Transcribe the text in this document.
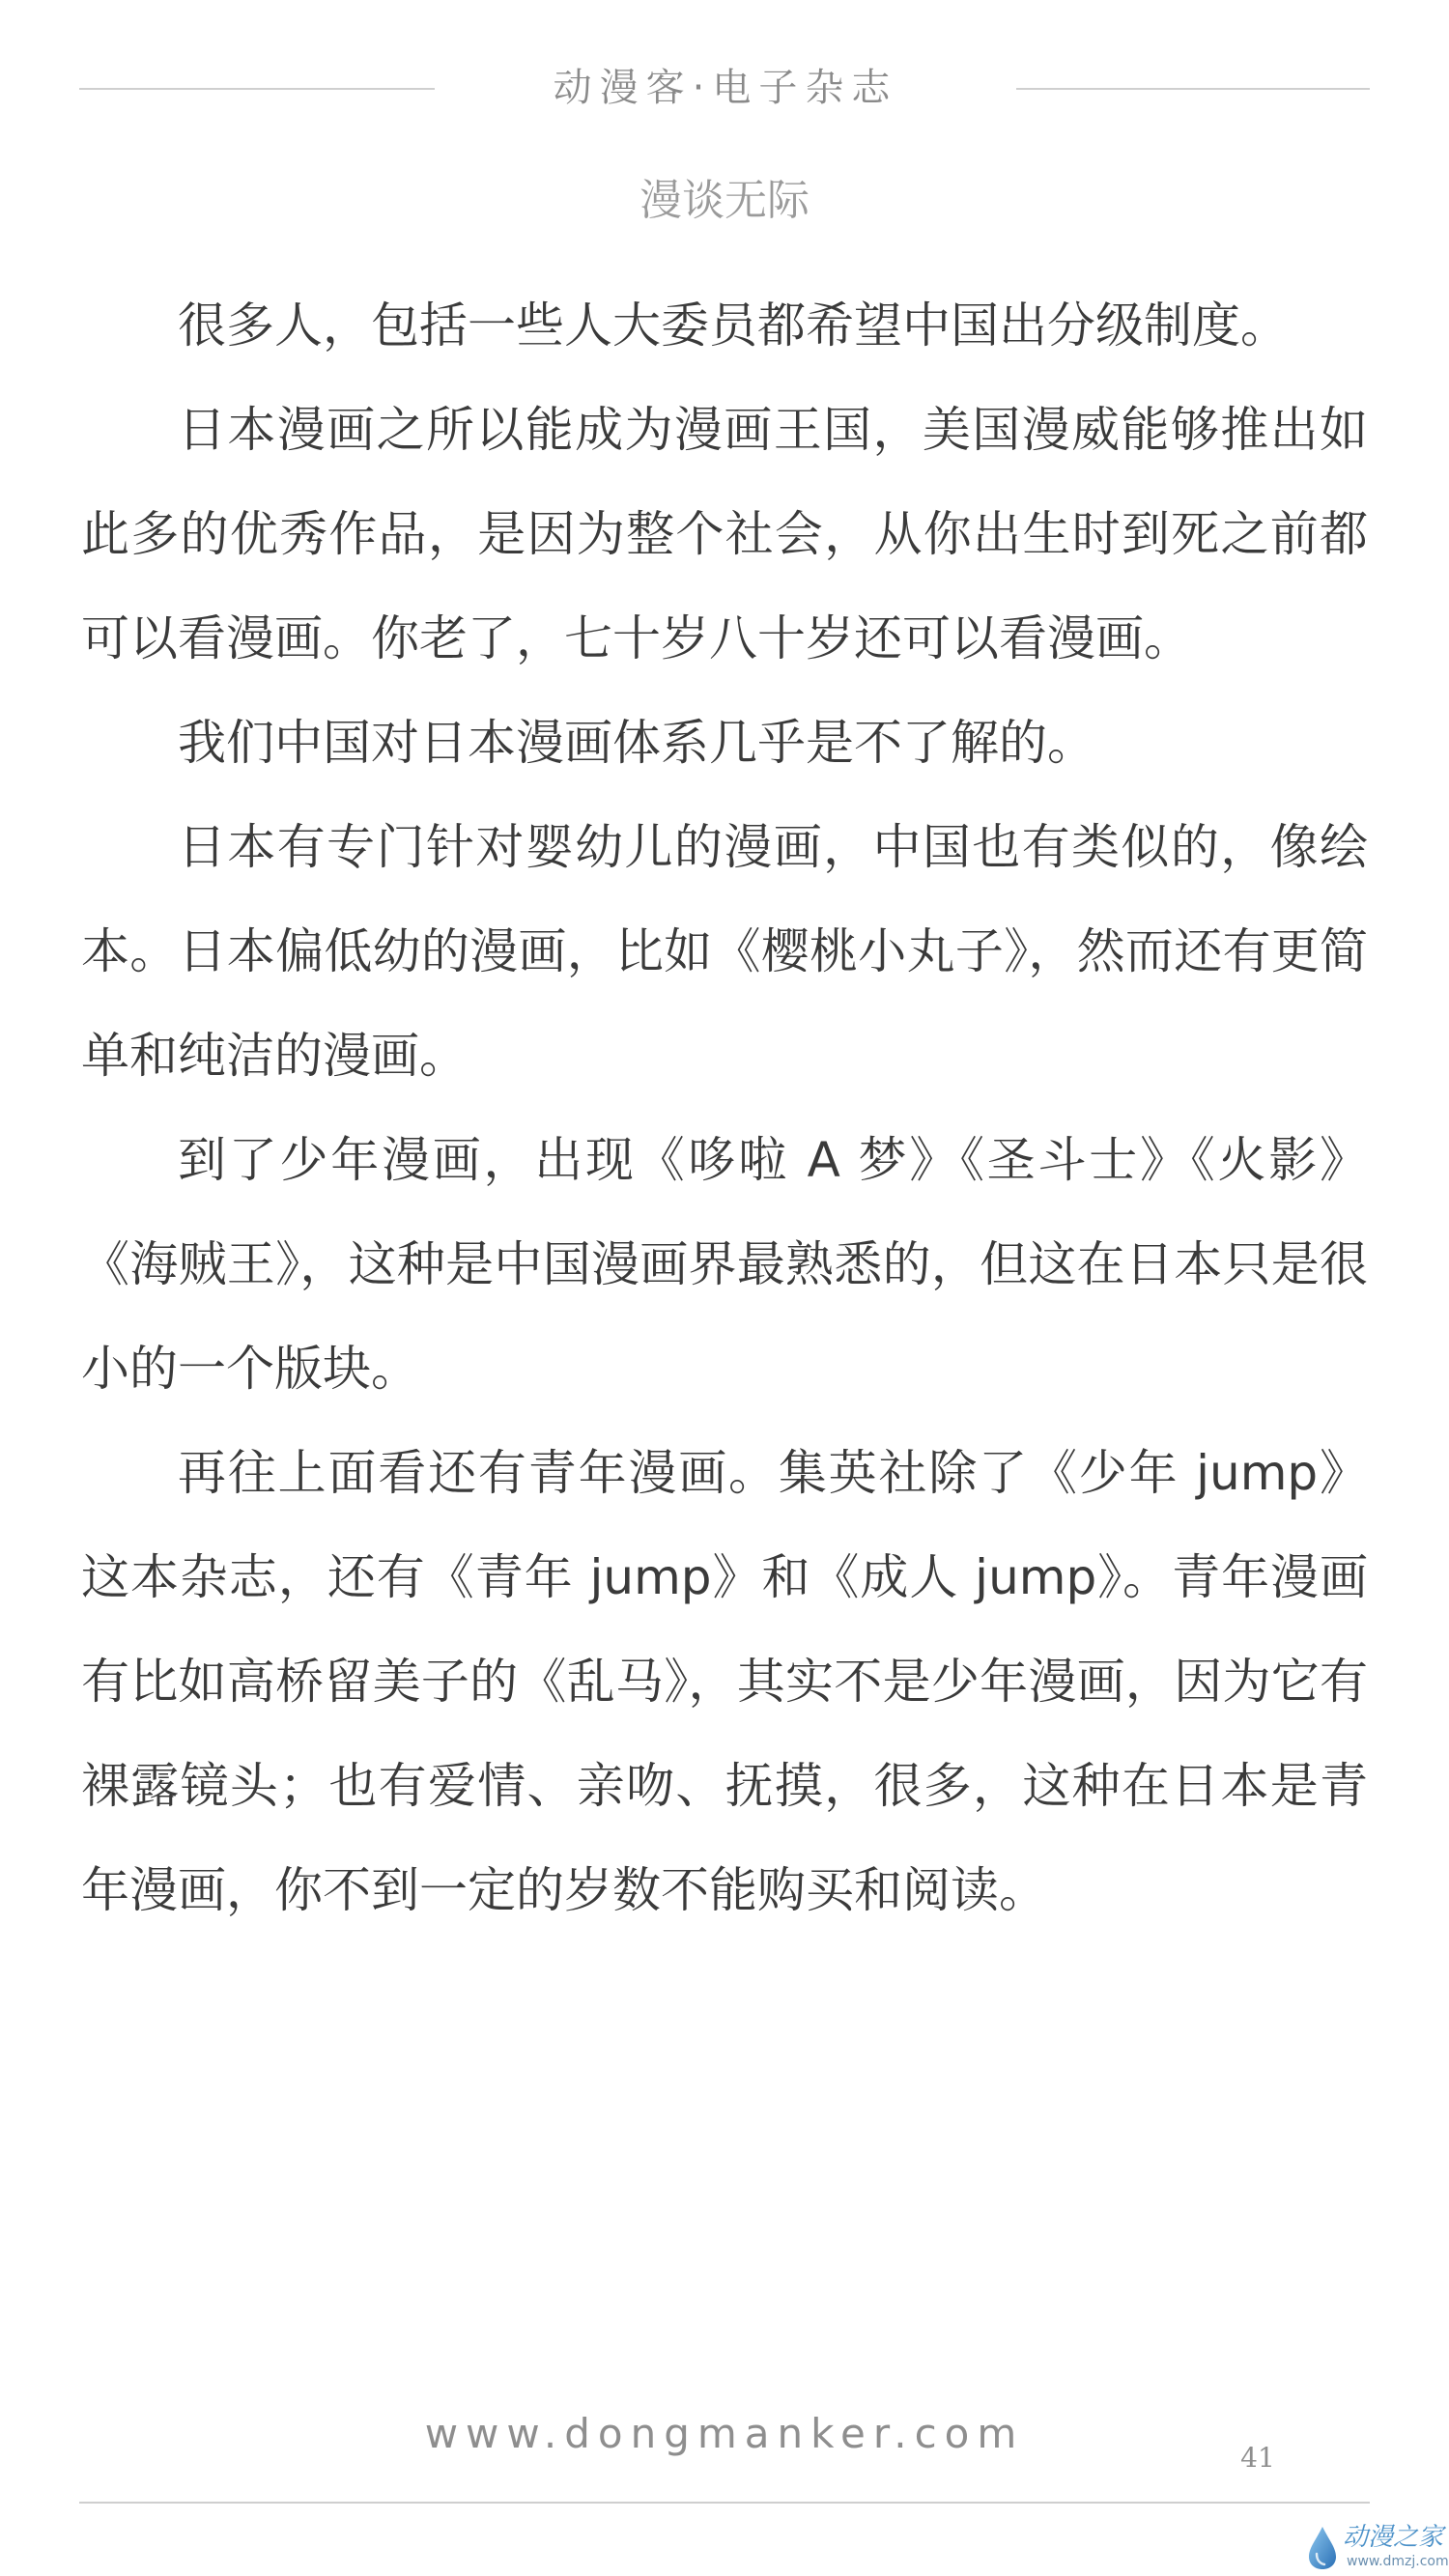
动漫客·电子杂志
漫谈无际

很多人，包括一些人大委员都希望中国出分级制度。

日本漫画之所以能成为漫画王国，美国漫威能够推出如此多的优秀作品，是因为整个社会，从你出生时到死之前都可以看漫画。你老了，七十岁八十岁还可以看漫画。

我们中国对日本漫画体系几乎是不了解的。

日本有专门针对婴幼儿的漫画，中国也有类似的，像绘本。日本偏低幼的漫画，比如《樱桃小丸子》，然而还有更简单和纯洁的漫画。

到了少年漫画，出现《哆啦 A 梦》《圣斗士》《火影》《海贼王》，这种是中国漫画界最熟悉的，但这在日本只是很小的一个版块。

再往上面看还有青年漫画。集英社除了《少年 jump》这本杂志，还有《青年 jump》和《成人 jump》。青年漫画有比如高桥留美子的《乱马》，其实不是少年漫画，因为它有裸露镜头；也有爱情、亲吻、抚摸，很多，这种在日本是青年漫画，你不到一定的岁数不能购买和阅读。

www.dongmanker.com
41
动漫之家
www.dmzj.com
